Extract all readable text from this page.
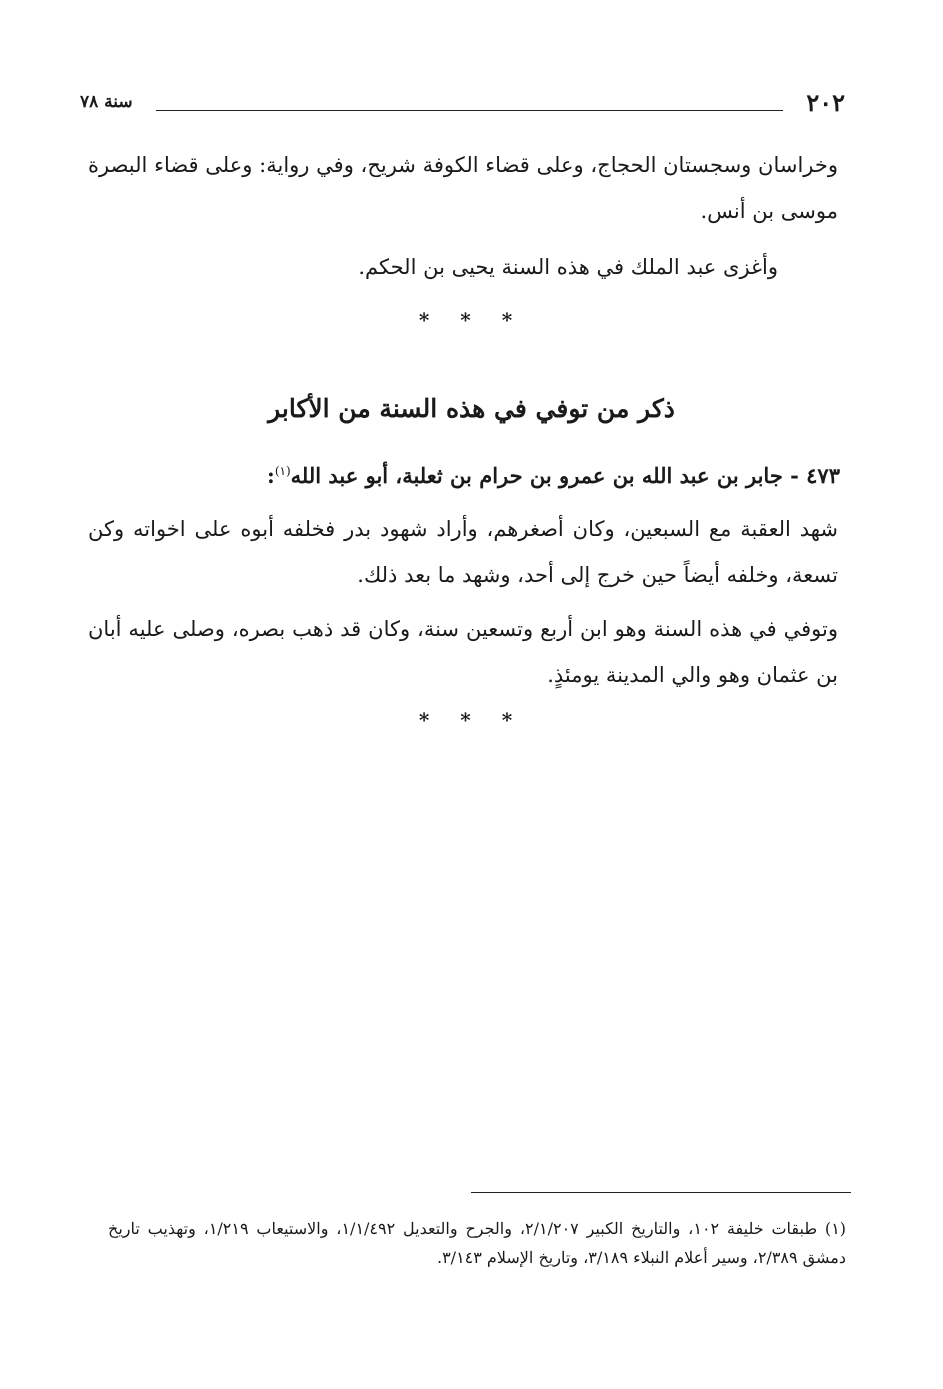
٢٠٢
سنة ٧٨
وخراسان وسجستان الحجاج، وعلى قضاء الكوفة شريح، وفي رواية: وعلى قضاء البصرة موسى بن أنس.
وأغزى عبد الملك في هذه السنة يحيى بن الحكم.
* * *
ذكر من توفي في هذه السنة من الأكابر
٤٧٣ - جابر بن عبد الله بن عمرو بن حرام بن ثعلبة، أبو عبد الله$^{(١)}$:
شهد العقبة مع السبعين، وكان أصغرهم، وأراد شهود بدر فخلفه أبوه على اخواته وكن تسعة، وخلفه أيضاً حين خرج إلى أحد، وشهد ما بعد ذلك.
وتوفي في هذه السنة وهو ابن أربع وتسعين سنة، وكان قد ذهب بصره، وصلى عليه أبان بن عثمان وهو والي المدينة يومئذٍ.
* * *
(١) طبقات خليفة ١٠٢، والتاريخ الكبير ٢/١/٢٠٧، والجرح والتعديل ١/١/٤٩٢، والاستيعاب ١/٢١٩، وتهذيب تاريخ دمشق ٢/٣٨٩، وسير أعلام النبلاء ٣/١٨٩، وتاريخ الإسلام ٣/١٤٣.
